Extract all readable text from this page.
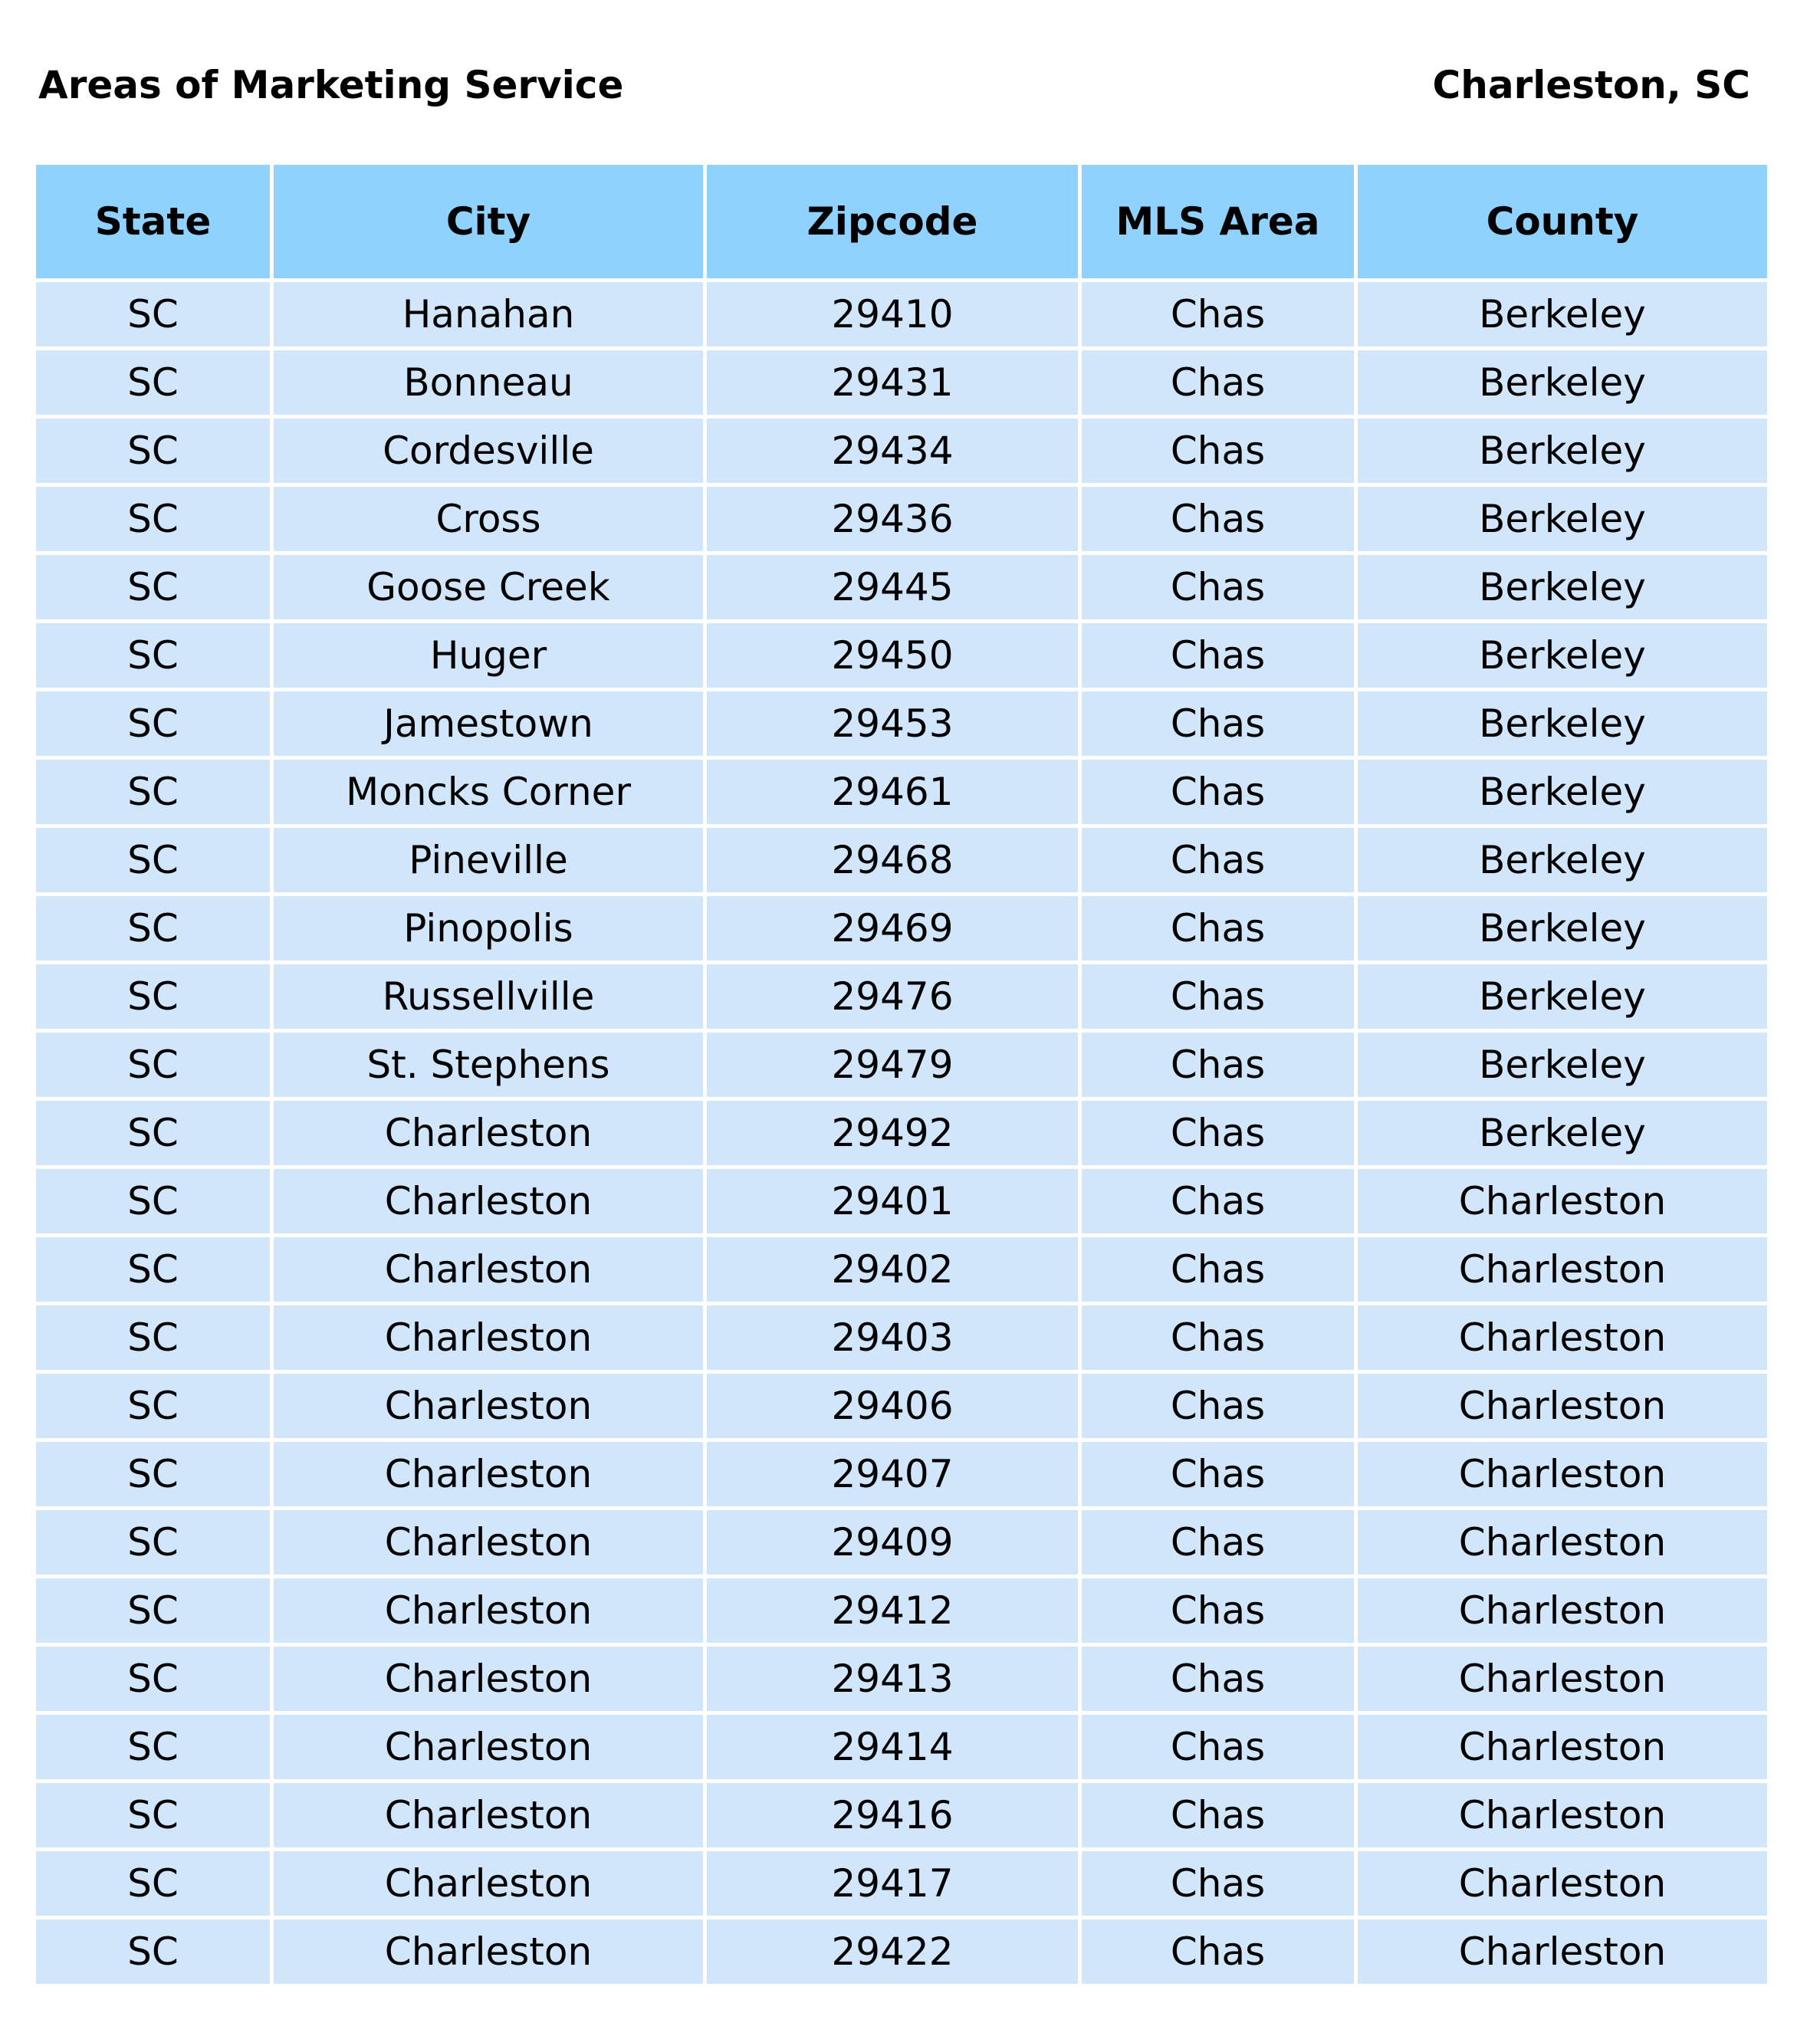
Areas of Marketing Service	Charleston, SC
State	City	Zipcode	MLS Area	County
SC	Hanahan	29410	Chas	Berkeley
SC	Bonneau	29431	Chas	Berkeley
SC	Cordesville	29434	Chas	Berkeley
SC	Cross	29436	Chas	Berkeley
SC	Goose Creek	29445	Chas	Berkeley
SC	Huger	29450	Chas	Berkeley
SC	Jamestown	29453	Chas	Berkeley
SC	Moncks Corner	29461	Chas	Berkeley
SC	Pineville	29468	Chas	Berkeley
SC	Pinopolis	29469	Chas	Berkeley
SC	Russellville	29476	Chas	Berkeley
SC	St. Stephens	29479	Chas	Berkeley
SC	Charleston	29492	Chas	Berkeley
SC	Charleston	29401	Chas	Charleston
SC	Charleston	29402	Chas	Charleston
SC	Charleston	29403	Chas	Charleston
SC	Charleston	29406	Chas	Charleston
SC	Charleston	29407	Chas	Charleston
SC	Charleston	29409	Chas	Charleston
SC	Charleston	29412	Chas	Charleston
SC	Charleston	29413	Chas	Charleston
SC	Charleston	29414	Chas	Charleston
SC	Charleston	29416	Chas	Charleston
SC	Charleston	29417	Chas	Charleston
SC	Charleston	29422	Chas	Charleston
